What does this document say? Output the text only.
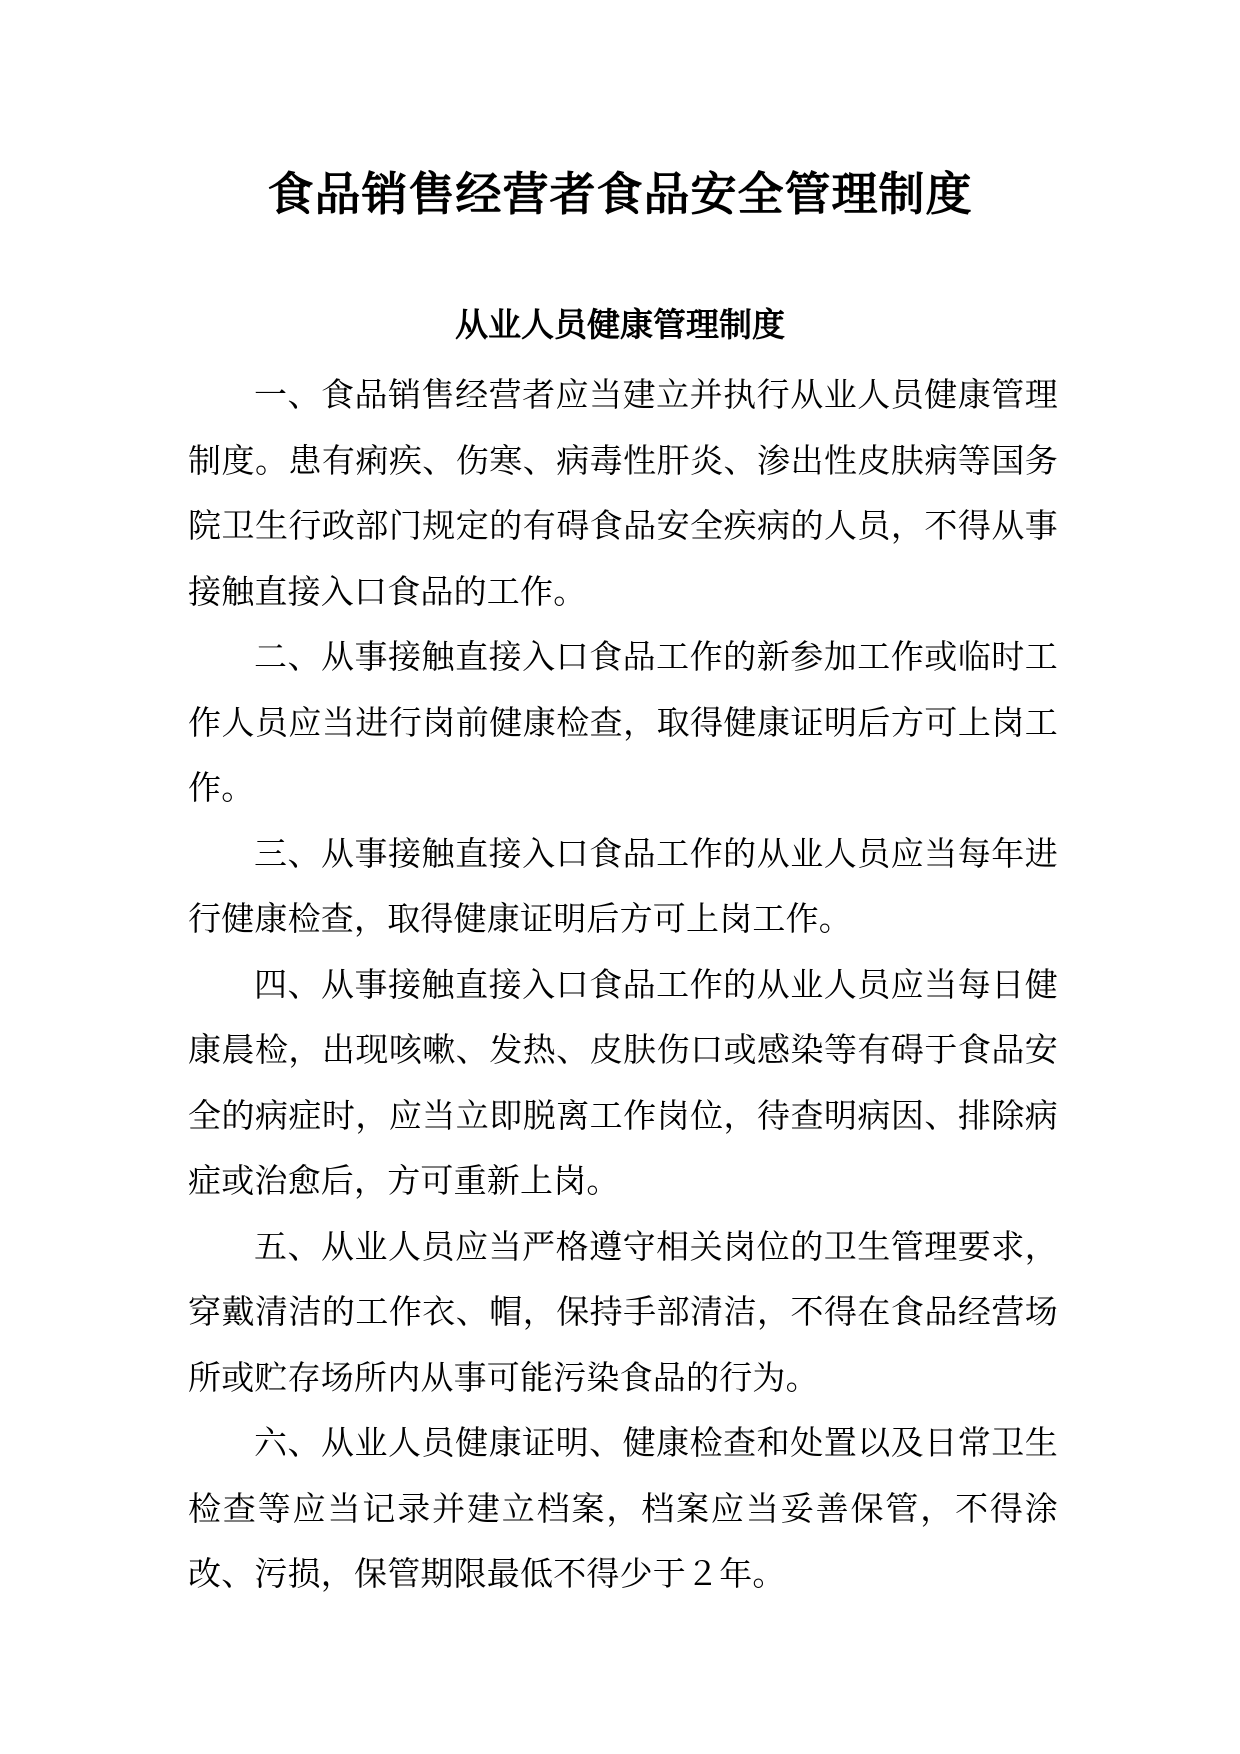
食品销售经营者食品安全管理制度
从业人员健康管理制度

一、食品销售经营者应当建立并执行从业人员健康管理制度。患有痢疾、伤寒、病毒性肝炎、渗出性皮肤病等国务院卫生行政部门规定的有碍食品安全疾病的人员，不得从事接触直接入口食品的工作。

二、从事接触直接入口食品工作的新参加工作或临时工作人员应当进行岗前健康检查，取得健康证明后方可上岗工作。

三、从事接触直接入口食品工作的从业人员应当每年进行健康检查，取得健康证明后方可上岗工作。

四、从事接触直接入口食品工作的从业人员应当每日健康晨检，出现咳嗽、发热、皮肤伤口或感染等有碍于食品安全的病症时，应当立即脱离工作岗位，待查明病因、排除病症或治愈后，方可重新上岗。

五、从业人员应当严格遵守相关岗位的卫生管理要求，穿戴清洁的工作衣、帽，保持手部清洁，不得在食品经营场所或贮存场所内从事可能污染食品的行为。

六、从业人员健康证明、健康检查和处置以及日常卫生检查等应当记录并建立档案，档案应当妥善保管，不得涂改、污损，保管期限最低不得少于２年。
